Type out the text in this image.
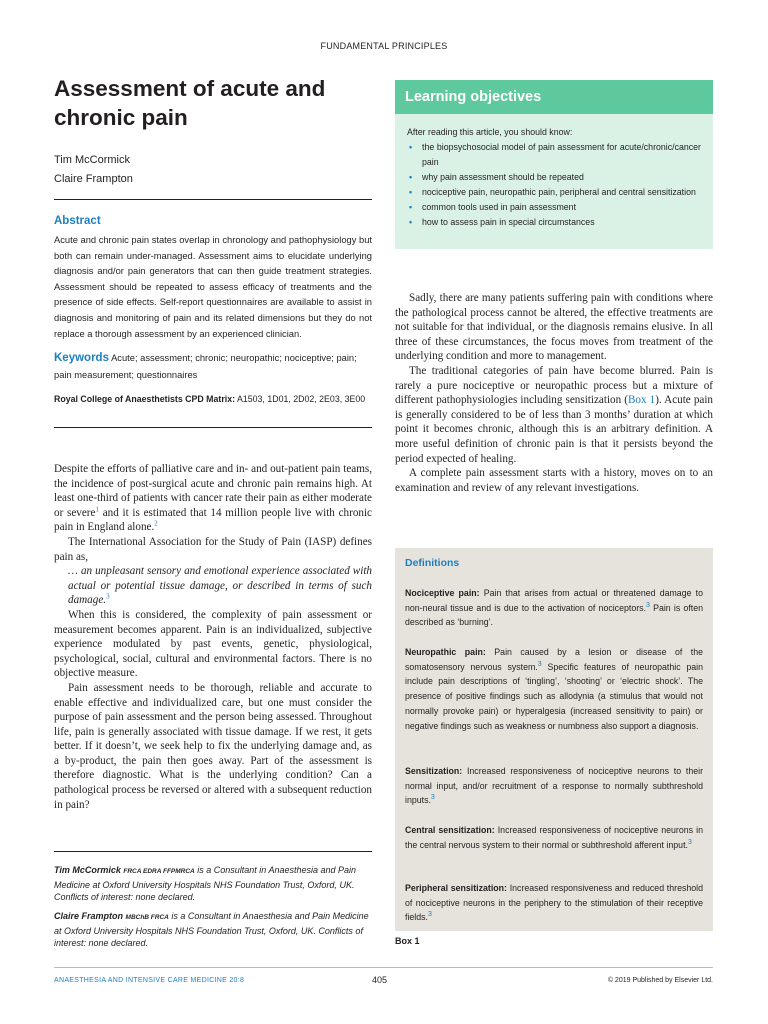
FUNDAMENTAL PRINCIPLES
Assessment of acute and chronic pain
Tim McCormick
Claire Frampton
Abstract
Acute and chronic pain states overlap in chronology and pathophysiology but both can remain under-managed. Assessment aims to elucidate underlying diagnosis and/or pain generators that can then guide treatment strategies. Assessment should be repeated to assess efficacy of treatments and the presence of side effects. Self-report questionnaires are available to assist in diagnosis and monitoring of pain and its related dimensions but they do not replace a thorough assessment by an experienced clinician.
Keywords Acute; assessment; chronic; neuropathic; nociceptive; pain; pain measurement; questionnaires
Royal College of Anaesthetists CPD Matrix: A1503, 1D01, 2D02, 2E03, 3E00

Despite the efforts of palliative care and in- and out-patient pain teams, the incidence of post-surgical acute and chronic pain remains high. At least one-third of patients with cancer rate their pain as either moderate or severe$^1$ and it is estimated that 14 million people live with chronic pain in England alone.$^2$

The International Association for the Study of Pain (IASP) defines pain as,

… an unpleasant sensory and emotional experience associated with actual or potential tissue damage, or described in terms of such damage.$^3$

When this is considered, the complexity of pain assessment or measurement becomes apparent. Pain is an individualized, subjective experience modulated by past events, genetic, physiological, psychological, social, cultural and environmental factors. There is no objective measure.

Pain assessment needs to be thorough, reliable and accurate to enable effective and individualized care, but one must consider the purpose of pain assessment and the person being assessed. Throughout life, pain is generally associated with tissue damage. If we rest, it gets better. If it doesn’t, we seek help to fix the underlying damage and, as a by-product, the pain then goes away. Part of the assessment is therefore diagnostic. What is the underlying condition? Can a pathological process be reversed or altered with a subsequent reduction in pain?

Tim McCormick FRCA EDRA FFPMRCA is a Consultant in Anaesthesia and Pain Medicine at Oxford University Hospitals NHS Foundation Trust, Oxford, UK. Conflicts of interest: none declared.
Claire Frampton MBChB FRCA is a Consultant in Anaesthesia and Pain Medicine at Oxford University Hospitals NHS Foundation Trust, Oxford, UK. Conflicts of interest: none declared.
Learning objectives
After reading this article, you should know:
• the biopsychosocial model of pain assessment for acute/chronic/cancer pain
• why pain assessment should be repeated
• nociceptive pain, neuropathic pain, peripheral and central sensitization
• common tools used in pain assessment
• how to assess pain in special circumstances

Sadly, there are many patients suffering pain with conditions where the pathological process cannot be altered, the effective treatments are not suitable for that individual, or the diagnosis remains elusive. In all three of these circumstances, the focus moves from treatment of the underlying condition and more to management.

The traditional categories of pain have become blurred. Pain is rarely a pure nociceptive or neuropathic process but a mixture of different pathophysiologies including sensitization (Box 1). Acute pain is generally considered to be of less than 3 months’ duration at which point it becomes chronic, although this is an arbitrary definition. A more useful definition of chronic pain is that it persists beyond the period expected of healing.

A complete pain assessment starts with a history, moves on to an examination and review of any relevant investigations.

Definitions
Nociceptive pain: Pain that arises from actual or threatened damage to non-neural tissue and is due to the activation of nociceptors.$^3$ Pain is often described as ‘burning’.
Neuropathic pain: Pain caused by a lesion or disease of the somatosensory nervous system.$^3$ Specific features of neuropathic pain include pain descriptions of ‘tingling’, ‘shooting’ or ‘electric shock’. The presence of positive findings such as allodynia (a stimulus that would not normally provoke pain) or hyperalgesia (increased sensitivity to pain) or negative findings such as weakness or numbness also support a diagnosis.
Sensitization: Increased responsiveness of nociceptive neurons to their normal input, and/or recruitment of a response to normally subthreshold inputs.$^3$
Central sensitization: Increased responsiveness of nociceptive neurons in the central nervous system to their normal or subthreshold afferent input.$^3$
Peripheral sensitization: Increased responsiveness and reduced threshold of nociceptive neurons in the periphery to the stimulation of their receptive fields.$^3$
Box 1
ANAESTHESIA AND INTENSIVE CARE MEDICINE 20:8	405	© 2019 Published by Elsevier Ltd.
